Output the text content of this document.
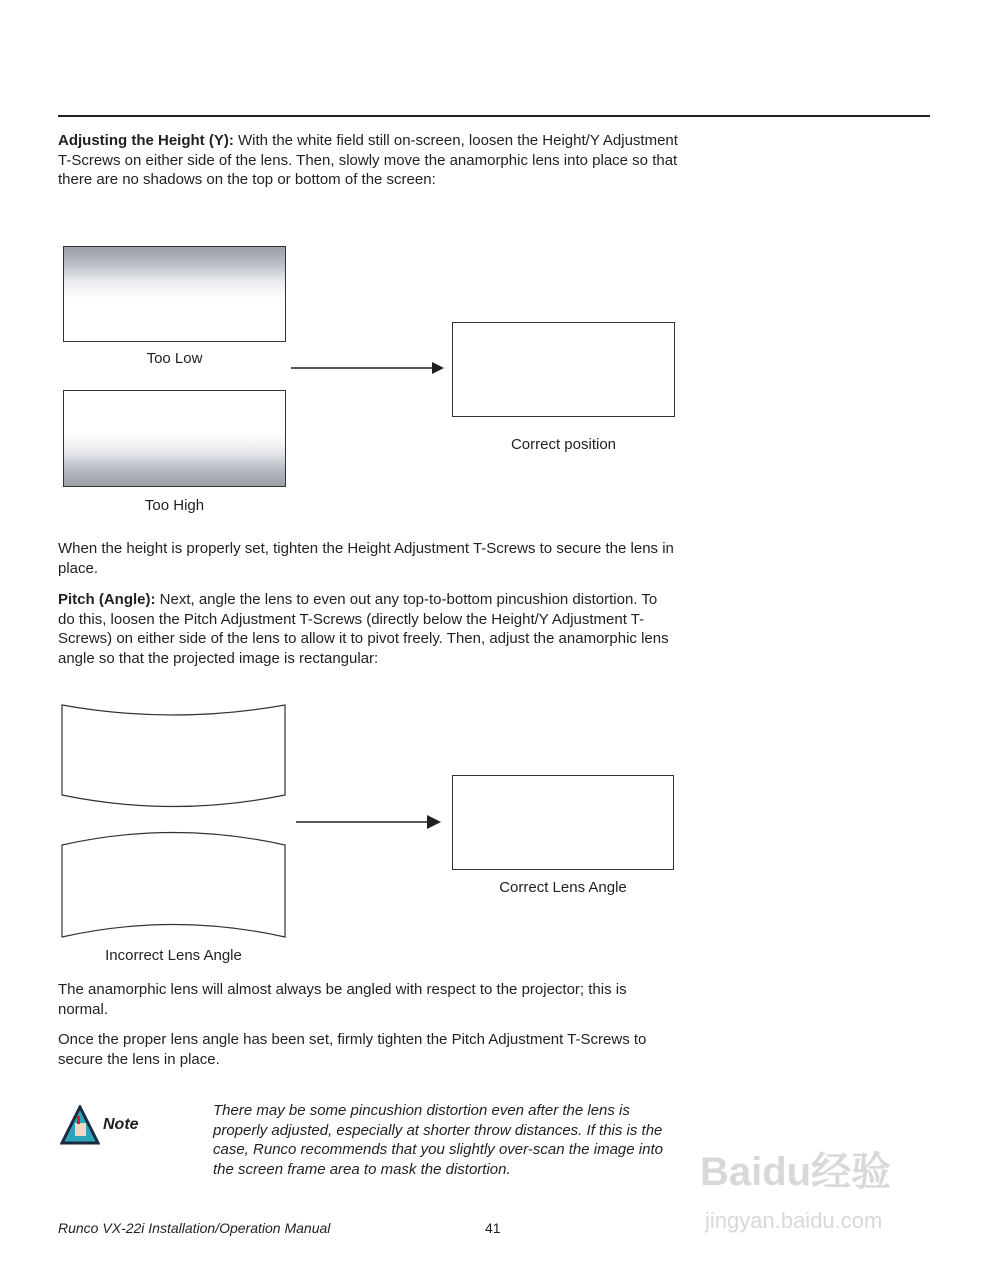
Adjusting the Height (Y): With the white field still on-screen, loosen the Height/Y Adjustment T-Screws on either side of the lens. Then, slowly move the anamorphic lens into place so that there are no shadows on the top or bottom of the screen:

Too Low
Too High
Correct position

When the height is properly set, tighten the Height Adjustment T-Screws to secure the lens in place.

Pitch (Angle): Next, angle the lens to even out any top-to-bottom pincushion distortion. To do this, loosen the Pitch Adjustment T-Screws (directly below the Height/Y Adjustment T-Screws) on either side of the lens to allow it to pivot freely. Then, adjust the anamorphic lens angle so that the projected image is rectangular:

Incorrect Lens Angle
Correct Lens Angle

The anamorphic lens will almost always be angled with respect to the projector; this is normal.

Once the proper lens angle has been set, firmly tighten the Pitch Adjustment T-Screws to secure the lens in place.

Note
There may be some pincushion distortion even after the lens is properly adjusted, especially at shorter throw distances. If this is the case, Runco recommends that you slightly over-scan the image into the screen frame area to mask the distortion.	Baidu经验
jingyan.baidu.com
Runco VX-22i Installation/Operation Manual	41
